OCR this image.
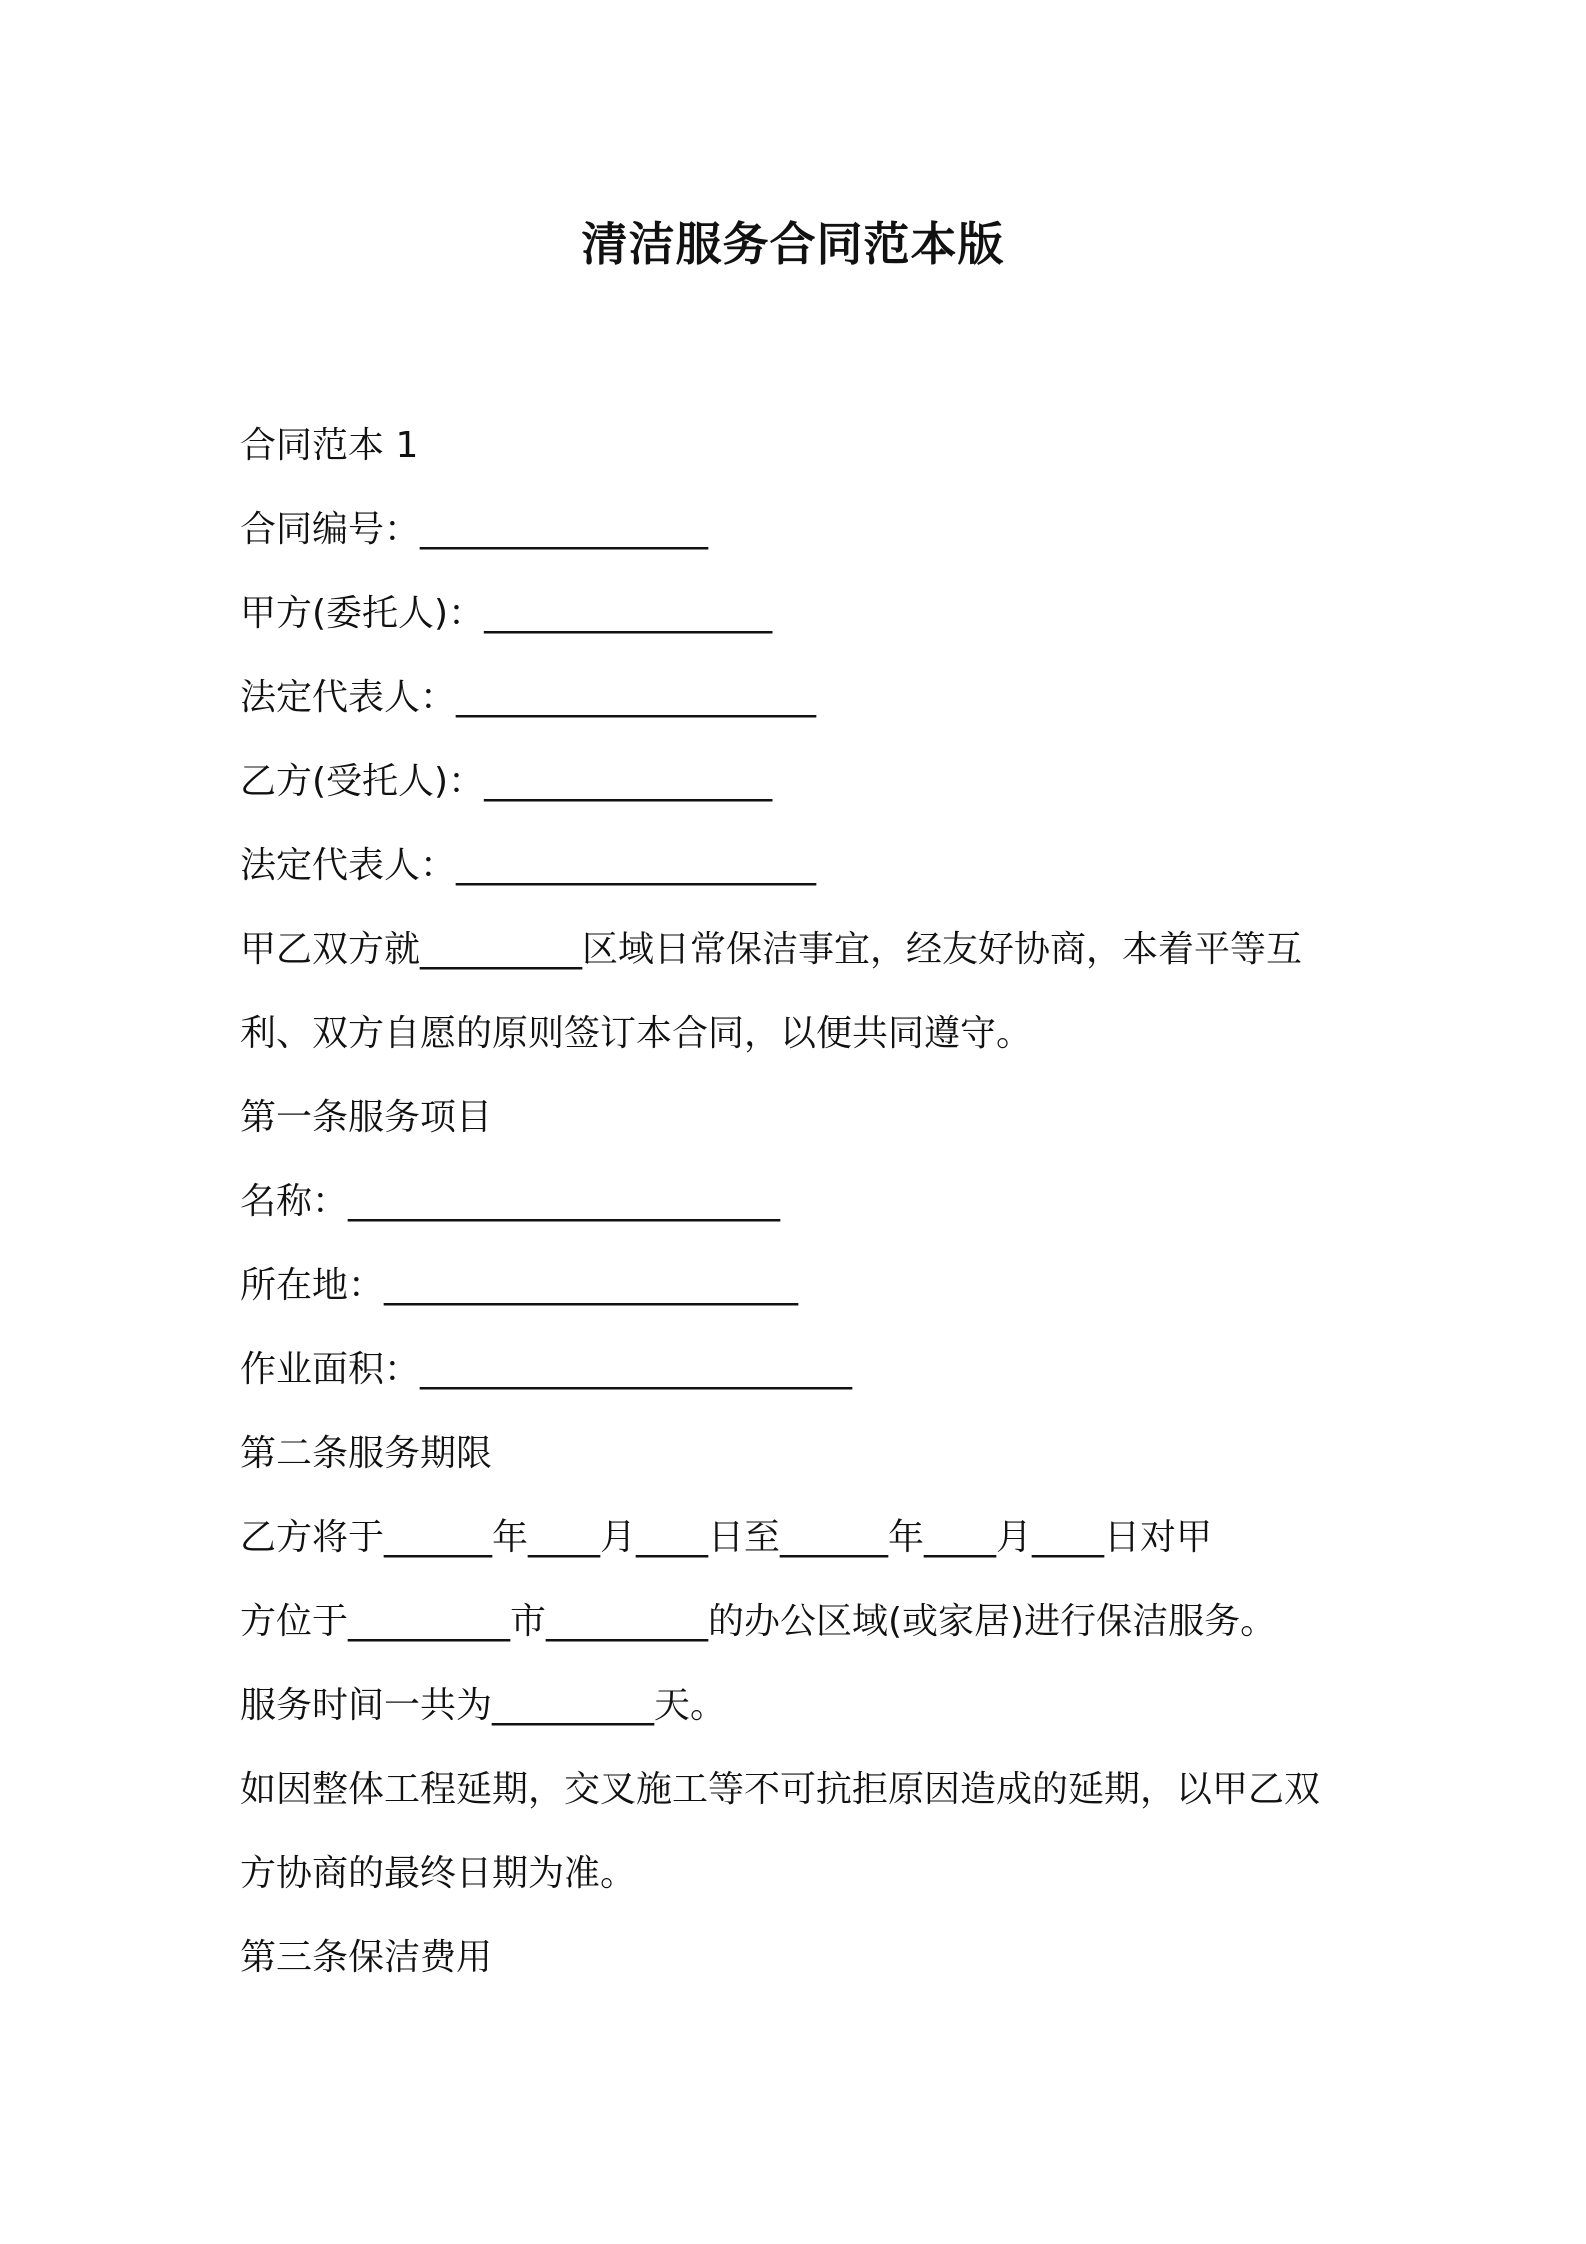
清洁服务合同范本版
合同范本 1
合同编号：________________
甲方(委托人)：________________
法定代表人：____________________
乙方(受托人)：________________
法定代表人：____________________
甲乙双方就_________区域日常保洁事宜，经友好协商，本着平等互
利、双方自愿的原则签订本合同，以便共同遵守。
第一条服务项目
名称：________________________
所在地：_______________________
作业面积：________________________
第二条服务期限
乙方将于______年____月____日至______年____月____日对甲
方位于_________市_________的办公区域(或家居)进行保洁服务。
服务时间一共为_________天。
如因整体工程延期，交叉施工等不可抗拒原因造成的延期，以甲乙双
方协商的最终日期为准。
第三条保洁费用
